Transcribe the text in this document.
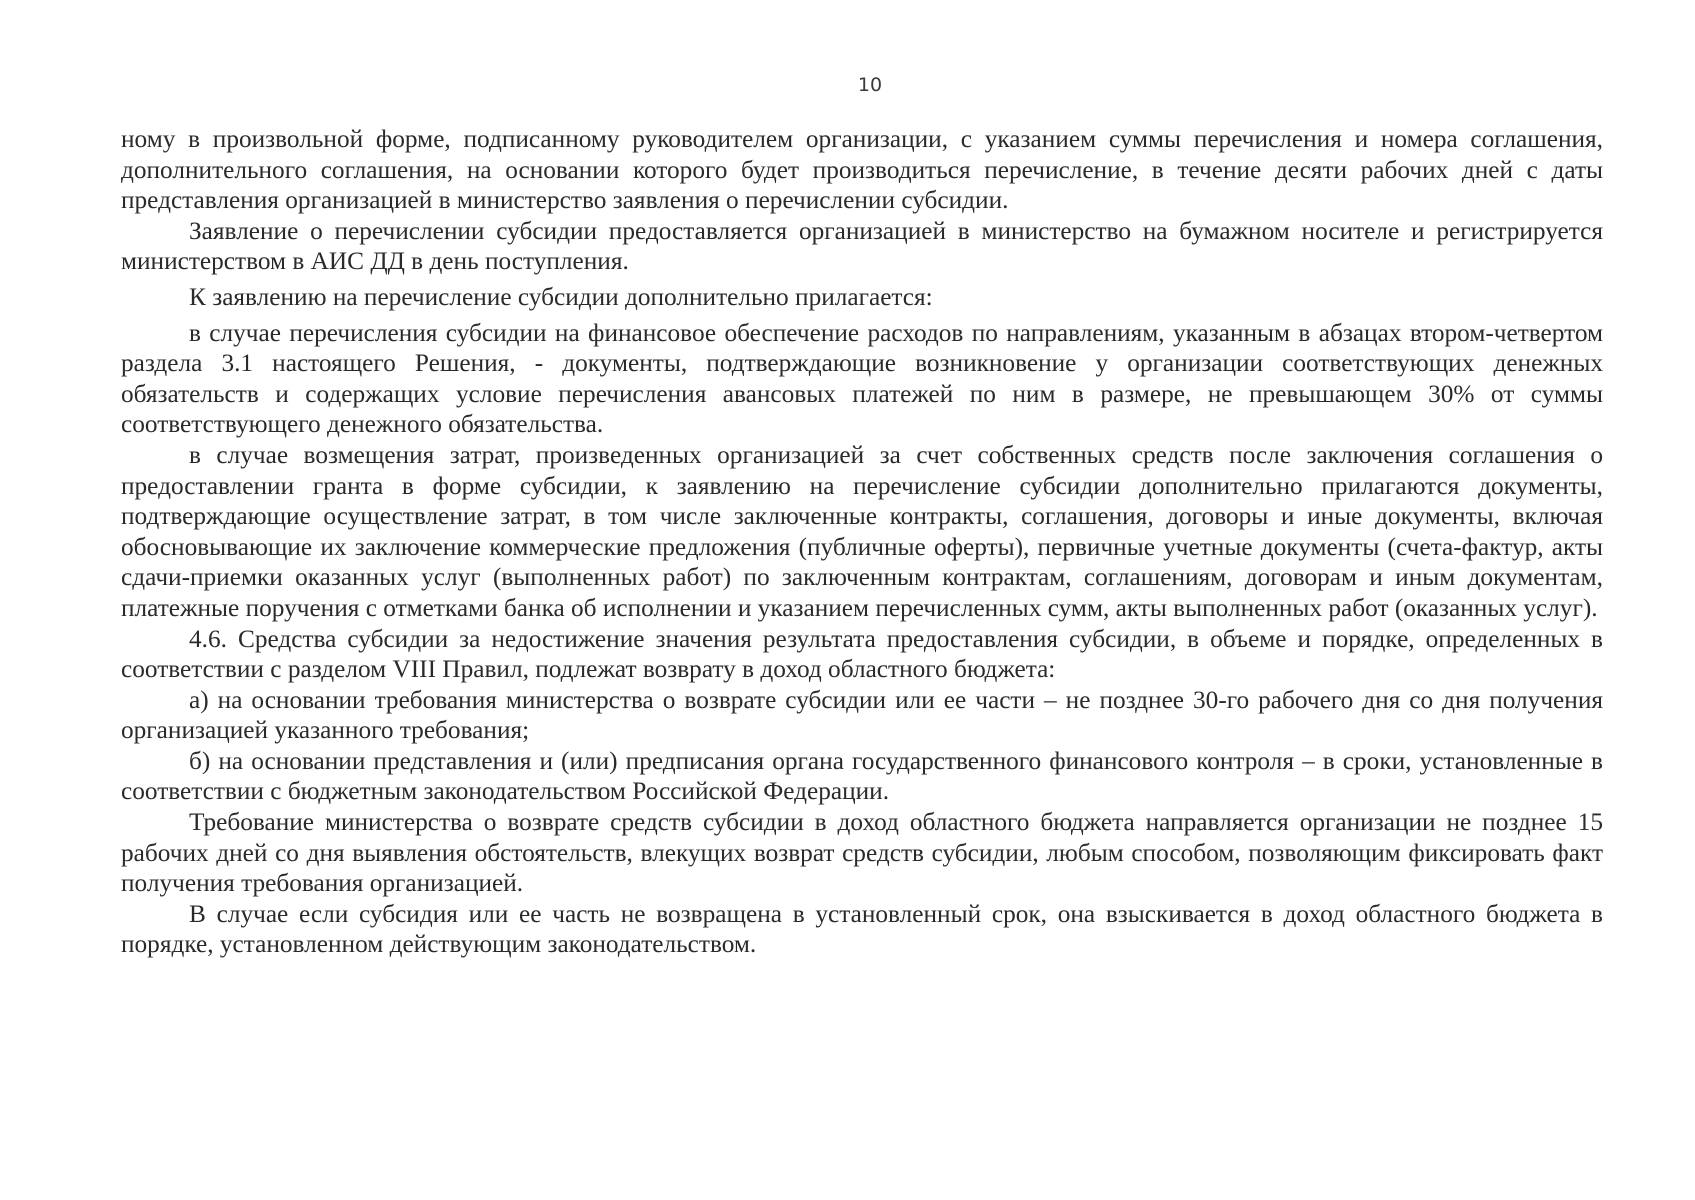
10

ному в произвольной форме, подписанному руководителем организации, с указанием суммы перечисления и номера соглашения, дополнительного соглашения, на основании которого будет производиться перечисление, в течение десяти рабочих дней с даты представления организацией в министерство заявления о перечислении субсидии.

Заявление о перечислении субсидии предоставляется организацией в министерство на бумажном носителе и регистрируется министерством в АИС ДД в день поступления.

К заявлению на перечисление субсидии дополнительно прилагается:

в случае перечисления субсидии на финансовое обеспечение расходов по направлениям, указанным в абзацах втором-четвертом раздела 3.1 настоящего Решения, - документы, подтверждающие возникновение у организации соответствующих денежных обязательств и содержащих условие перечисления авансовых платежей по ним в размере, не превышающем 30% от суммы соответствующего денежного обязательства.

в случае возмещения затрат, произведенных организацией за счет собственных средств после заключения соглашения о предоставлении гранта в форме субсидии, к заявлению на перечисление субсидии дополнительно прилагаются документы, подтверждающие осуществление затрат, в том числе заключенные контракты, соглашения, договоры и иные документы, включая обосновывающие их заключение коммерческие предложения (публичные оферты), первичные учетные документы (счета-фактур, акты сдачи-приемки оказанных услуг (выполненных работ) по заключенным контрактам, соглашениям, договорам и иным документам, платежные поручения с отметками банка об исполнении и указанием перечисленных сумм, акты выполненных работ (оказанных услуг).

4.6. Средства субсидии за недостижение значения результата предоставления субсидии, в объеме и порядке, определенных в соответствии с разделом VIII Правил, подлежат возврату в доход областного бюджета:

а) на основании требования министерства о возврате субсидии или ее части – не позднее 30-го рабочего дня со дня получения организацией указанного требования;

б) на основании представления и (или) предписания органа государственного финансового контроля – в сроки, установленные в соответствии с бюджетным законодательством Российской Федерации.

Требование министерства о возврате средств субсидии в доход областного бюджета направляется организации не позднее 15 рабочих дней со дня выявления обстоятельств, влекущих возврат средств субсидии, любым способом, позволяющим фиксировать факт получения требования организацией.

В случае если субсидия или ее часть не возвращена в установленный срок, она взыскивается в доход областного бюджета в порядке, установленном действующим законодательством.
